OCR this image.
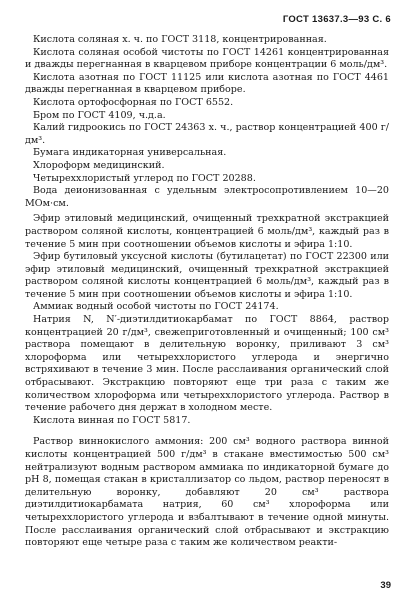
ГОСТ 13637.3—93 С. 6

Кислота соляная х. ч. по ГОСТ 3118, концентрированная.

Кислота соляная особой чистоты по ГОСТ 14261 концентрированная и дважды перегнанная в кварцевом приборе концентрации 6 моль/дм³.

Кислота азотная по ГОСТ 11125 или кислота азотная по ГОСТ 4461 дважды перегнанная в кварцевом приборе.

Кислота ортофосфорная по ГОСТ 6552.

Бром по ГОСТ 4109, ч.д.а.

Калий гидроокись по ГОСТ 24363 х. ч., раствор концентрацией 400 г/дм³.

Бумага индикаторная универсальная.

Хлороформ медицинский.

Четыреххлористый углерод по ГОСТ 20288.

Вода деионизованная с удельным электросопротивлением 10—20 МОм·см.

Эфир этиловый медицинский, очищенный трехкратной экстракцией раствором соляной кислоты, концентрацией 6 моль/дм³, каждый раз в течение 5 мин при соотношении объемов кислоты и эфира 1:10.

Эфир бутиловый уксусной кислоты (бутилацетат) по ГОСТ 22300 или эфир этиловый медицинский, очищенный трехкратной экстракцией раствором соляной кислоты концентрацией 6 моль/дм³, каждый раз в течение 5 мин при соотношении объемов кислоты и эфира 1:10.

Аммиак водный особой чистоты по ГОСТ 24174.

Натрия N, N′-диэтилдитиокарбамат по ГОСТ 8864, раствор концентрацией 20 г/дм³, свежеприготовленный и очищенный; 100 см³ раствора помещают в делительную воронку, приливают 3 см³ хлороформа или четыреххлористого углерода и энергично встряхивают в течение 3 мин. После расслаивания органический слой отбрасывают. Экстракцию повторяют еще три раза с таким же количеством хлороформа или четыреххлористого углерода. Раствор в течение рабочего дня держат в холодном месте.

Кислота винная по ГОСТ 5817.

Раствор виннокислого аммония: 200 см³ водного раствора винной кислоты концентрацией 500 г/дм³ в стакане вместимостью 500 см³ нейтрализуют водным раствором аммиака по индикаторной бумаге до рН 8, помещая стакан в кристаллизатор со льдом, раствор переносят в делительную воронку, добавляют 20 см³ раствора диэтилдитиокарбамата натрия, 60 см³ хлороформа или четыреххлористого углерода и взбалтывают в течение одной минуты. После расслаивания органический слой отбрасывают и экстракцию повторяют еще четыре раза с таким же количеством реакти-

39
